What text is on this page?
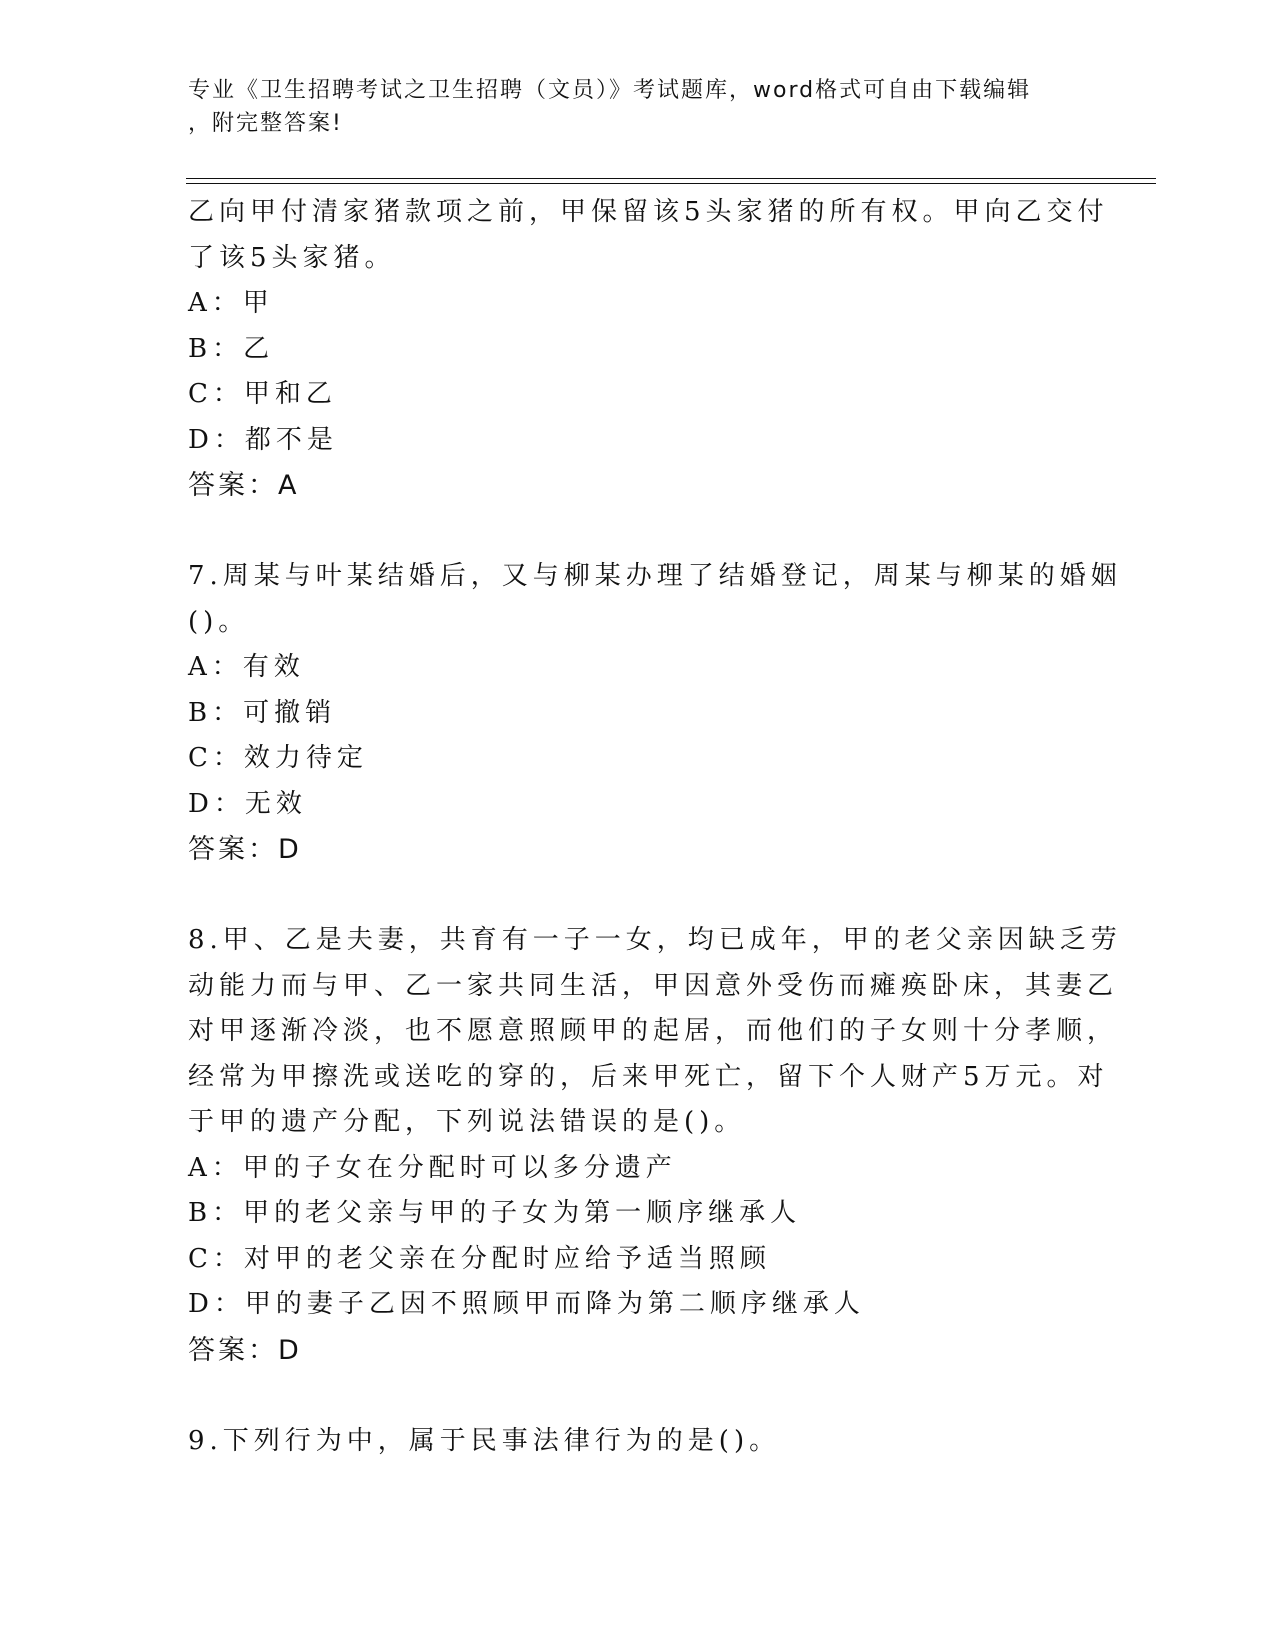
专业《卫生招聘考试之卫生招聘（文员）》考试题库，word格式可自由下载编辑
，附完整答案!
乙向甲付清家猪款项之前，甲保留该5头家猪的所有权。甲向乙交付
了该5头家猪。
A：甲
B：乙
C：甲和乙
D：都不是
答案：A
7.周某与叶某结婚后，又与柳某办理了结婚登记，周某与柳某的婚姻
()。
A：有效
B：可撤销
C：效力待定
D：无效
答案：D
8.甲、乙是夫妻，共育有一子一女，均已成年，甲的老父亲因缺乏劳
动能力而与甲、乙一家共同生活，甲因意外受伤而瘫痪卧床，其妻乙
对甲逐渐冷淡，也不愿意照顾甲的起居，而他们的子女则十分孝顺，
经常为甲擦洗或送吃的穿的，后来甲死亡，留下个人财产5万元。对
于甲的遗产分配，下列说法错误的是()。
A：甲的子女在分配时可以多分遗产
B：甲的老父亲与甲的子女为第一顺序继承人
C：对甲的老父亲在分配时应给予适当照顾
D：甲的妻子乙因不照顾甲而降为第二顺序继承人
答案：D
9.下列行为中，属于民事法律行为的是()。
